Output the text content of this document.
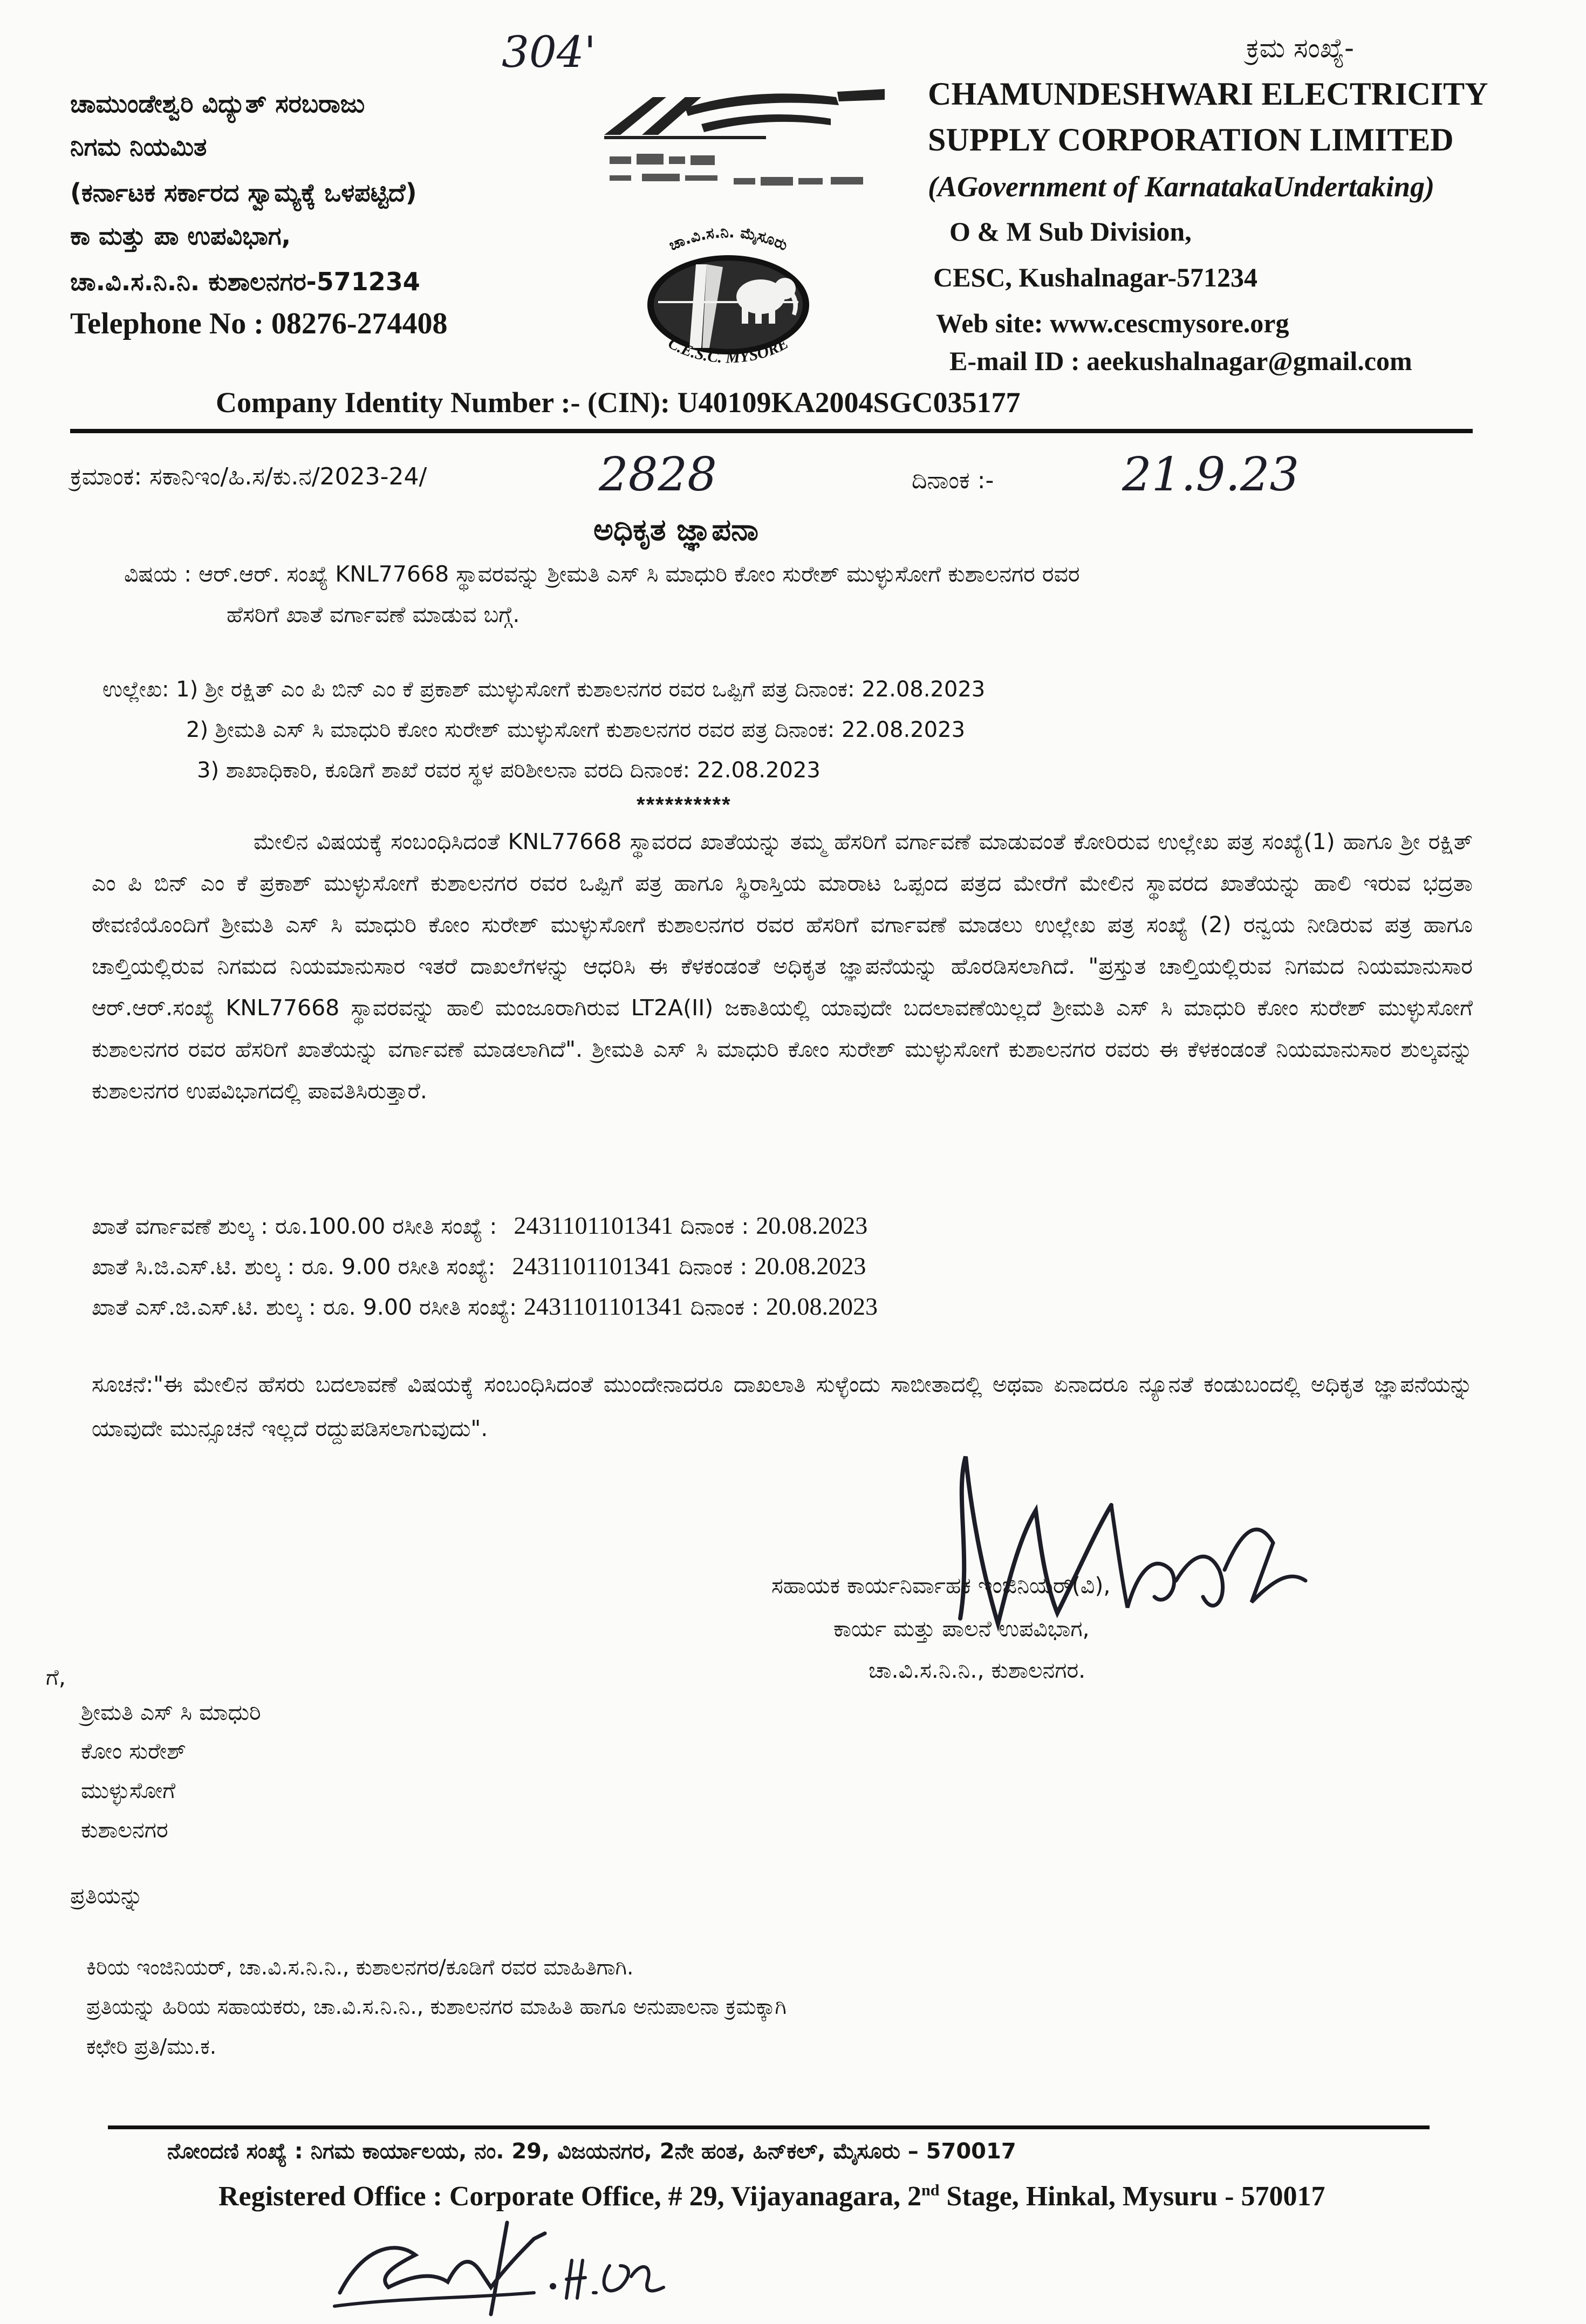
304'	ಕ್ರಮ ಸಂಖ್ಯೆ-
ಚಾಮುಂಡೇಶ್ವರಿ ವಿದ್ಯುತ್ ಸರಬರಾಜು
ನಿಗಮ ನಿಯಮಿತ
(ಕರ್ನಾಟಕ ಸರ್ಕಾರದ ಸ್ವಾಮ್ಯಕ್ಕೆ ಒಳಪಟ್ಟಿದೆ)
ಕಾ ಮತ್ತು ಪಾ ಉಪವಿಭಾಗ,
ಚಾ.ವಿ.ಸ.ನಿ.ನಿ. ಕುಶಾಲನಗರ-571234
Telephone No : 08276-274408
ಚಾ.ವಿ.ಸ.ನಿ. ಮೈಸೂರು
C.E.S.C. MYSORE
CHAMUNDESHWARI ELECTRICITY
SUPPLY CORPORATION LIMITED
(AGovernment of KarnatakaUndertaking)
O & M Sub Division,
CESC, Kushalnagar-571234
Web site: www.cescmysore.org
E-mail ID : aeekushalnagar@gmail.com
Company Identity Number :- (CIN): U40109KA2004SGC035177
ಕ್ರಮಾಂಕ: ಸಕಾನಿಇಂ/ಹಿ.ಸ/ಕು.ನ/2023-24/	2828	ದಿನಾಂಕ :-	21.9.23
ಅಧಿಕೃತ ಜ್ಞಾಪನಾ
ವಿಷಯ : ಆರ್.ಆರ್. ಸಂಖ್ಯೆ KNL77668 ಸ್ಥಾವರವನ್ನು ಶ್ರೀಮತಿ ಎಸ್ ಸಿ ಮಾಧುರಿ ಕೋಂ ಸುರೇಶ್ ಮುಳ್ಳುಸೋಗೆ ಕುಶಾಲನಗರ ರವರ
ಹೆಸರಿಗೆ ಖಾತೆ ವರ್ಗಾವಣೆ ಮಾಡುವ ಬಗ್ಗೆ.
ಉಲ್ಲೇಖ: 1) ಶ್ರೀ ರಕ್ಷಿತ್ ಎಂ ಪಿ ಬಿನ್ ಎಂ ಕೆ ಪ್ರಕಾಶ್ ಮುಳ್ಳುಸೋಗೆ ಕುಶಾಲನಗರ ರವರ ಒಪ್ಪಿಗೆ ಪತ್ರ ದಿನಾಂಕ: 22.08.2023
2) ಶ್ರೀಮತಿ ಎಸ್ ಸಿ ಮಾಧುರಿ ಕೋಂ ಸುರೇಶ್ ಮುಳ್ಳುಸೋಗೆ ಕುಶಾಲನಗರ ರವರ ಪತ್ರ ದಿನಾಂಕ: 22.08.2023
3) ಶಾಖಾಧಿಕಾರಿ, ಕೂಡಿಗೆ ಶಾಖೆ ರವರ ಸ್ಥಳ ಪರಿಶೀಲನಾ ವರದಿ ದಿನಾಂಕ: 22.08.2023
**********
ಮೇಲಿನ ವಿಷಯಕ್ಕೆ ಸಂಬಂಧಿಸಿದಂತೆ KNL77668 ಸ್ಥಾವರದ ಖಾತೆಯನ್ನು ತಮ್ಮ ಹೆಸರಿಗೆ ವರ್ಗಾವಣೆ ಮಾಡುವಂತೆ ಕೋರಿರುವ ಉಲ್ಲೇಖ ಪತ್ರ ಸಂಖ್ಯೆ(1) ಹಾಗೂ ಶ್ರೀ ರಕ್ಷಿತ್ ಎಂ ಪಿ ಬಿನ್ ಎಂ ಕೆ ಪ್ರಕಾಶ್ ಮುಳ್ಳುಸೋಗೆ ಕುಶಾಲನಗರ ರವರ ಒಪ್ಪಿಗೆ ಪತ್ರ ಹಾಗೂ ಸ್ಥಿರಾಸ್ತಿಯ ಮಾರಾಟ ಒಪ್ಪಂದ ಪತ್ರದ ಮೇರೆಗೆ ಮೇಲಿನ ಸ್ಥಾವರದ ಖಾತೆಯನ್ನು ಹಾಲಿ ಇರುವ ಭದ್ರತಾ ಠೇವಣಿಯೊಂದಿಗೆ ಶ್ರೀಮತಿ ಎಸ್ ಸಿ ಮಾಧುರಿ ಕೋಂ ಸುರೇಶ್ ಮುಳ್ಳುಸೋಗೆ ಕುಶಾಲನಗರ ರವರ ಹೆಸರಿಗೆ ವರ್ಗಾವಣೆ ಮಾಡಲು ಉಲ್ಲೇಖ ಪತ್ರ ಸಂಖ್ಯೆ (2) ರನ್ವಯ ನೀಡಿರುವ ಪತ್ರ ಹಾಗೂ ಚಾಲ್ತಿಯಲ್ಲಿರುವ ನಿಗಮದ ನಿಯಮಾನುಸಾರ ಇತರೆ ದಾಖಲೆಗಳನ್ನು ಆಧರಿಸಿ ಈ ಕೆಳಕಂಡಂತೆ ಅಧಿಕೃತ ಜ್ಞಾಪನೆಯನ್ನು ಹೊರಡಿಸಲಾಗಿದೆ. "ಪ್ರಸ್ತುತ ಚಾಲ್ತಿಯಲ್ಲಿರುವ ನಿಗಮದ ನಿಯಮಾನುಸಾರ ಆರ್.ಆರ್.ಸಂಖ್ಯೆ KNL77668 ಸ್ಥಾವರವನ್ನು ಹಾಲಿ ಮಂಜೂರಾಗಿರುವ LT2A(II) ಜಕಾತಿಯಲ್ಲಿ ಯಾವುದೇ ಬದಲಾವಣೆಯಿಲ್ಲದೆ ಶ್ರೀಮತಿ ಎಸ್ ಸಿ ಮಾಧುರಿ ಕೋಂ ಸುರೇಶ್ ಮುಳ್ಳುಸೋಗೆ ಕುಶಾಲನಗರ ರವರ ಹೆಸರಿಗೆ ಖಾತೆಯನ್ನು ವರ್ಗಾವಣೆ ಮಾಡಲಾಗಿದೆ". ಶ್ರೀಮತಿ ಎಸ್ ಸಿ ಮಾಧುರಿ ಕೋಂ ಸುರೇಶ್ ಮುಳ್ಳುಸೋಗೆ ಕುಶಾಲನಗರ ರವರು ಈ ಕೆಳಕಂಡಂತೆ ನಿಯಮಾನುಸಾರ ಶುಲ್ಕವನ್ನು ಕುಶಾಲನಗರ ಉಪವಿಭಾಗದಲ್ಲಿ ಪಾವತಿಸಿರುತ್ತಾರೆ.
ಖಾತೆ ವರ್ಗಾವಣೆ ಶುಲ್ಕ : ರೂ.100.00 ರಸೀತಿ ಸಂಖ್ಯೆ : 2431101101341 ದಿನಾಂಕ : 20.08.2023
ಖಾತೆ ಸಿ.ಜಿ.ಎಸ್.ಟಿ. ಶುಲ್ಕ : ರೂ. 9.00 ರಸೀತಿ ಸಂಖ್ಯೆ: 2431101101341 ದಿನಾಂಕ : 20.08.2023
ಖಾತೆ ಎಸ್.ಜಿ.ಎಸ್.ಟಿ. ಶುಲ್ಕ : ರೂ. 9.00 ರಸೀತಿ ಸಂಖ್ಯೆ: 2431101101341 ದಿನಾಂಕ : 20.08.2023
ಸೂಚನೆ:"ಈ ಮೇಲಿನ ಹೆಸರು ಬದಲಾವಣೆ ವಿಷಯಕ್ಕೆ ಸಂಬಂಧಿಸಿದಂತೆ ಮುಂದೇನಾದರೂ ದಾಖಲಾತಿ ಸುಳ್ಳೆಂದು ಸಾಬೀತಾದಲ್ಲಿ ಅಥವಾ ಏನಾದರೂ ನ್ಯೂನತೆ ಕಂಡುಬಂದಲ್ಲಿ ಅಧಿಕೃತ ಜ್ಞಾಪನೆಯನ್ನು ಯಾವುದೇ ಮುನ್ಸೂಚನೆ ಇಲ್ಲದೆ ರದ್ದುಪಡಿಸಲಾಗುವುದು".
ಸಹಾಯಕ ಕಾರ್ಯನಿರ್ವಾಹಕ ಇಂಜಿನಿಯರ್(ವಿ),
ಕಾರ್ಯ ಮತ್ತು ಪಾಲನೆ ಉಪವಿಭಾಗ,
ಚಾ.ವಿ.ಸ.ನಿ.ನಿ., ಕುಶಾಲನಗರ.
ಗೆ,
ಶ್ರೀಮತಿ ಎಸ್ ಸಿ ಮಾಧುರಿ
ಕೋಂ ಸುರೇಶ್
ಮುಳ್ಳುಸೋಗೆ
ಕುಶಾಲನಗರ
ಪ್ರತಿಯನ್ನು
ಕಿರಿಯ ಇಂಜಿನಿಯರ್, ಚಾ.ವಿ.ಸ.ನಿ.ನಿ., ಕುಶಾಲನಗರ/ಕೂಡಿಗೆ ರವರ ಮಾಹಿತಿಗಾಗಿ.
ಪ್ರತಿಯನ್ನು ಹಿರಿಯ ಸಹಾಯಕರು, ಚಾ.ವಿ.ಸ.ನಿ.ನಿ., ಕುಶಾಲನಗರ ಮಾಹಿತಿ ಹಾಗೂ ಅನುಪಾಲನಾ ಕ್ರಮಕ್ಕಾಗಿ
ಕಛೇರಿ ಪ್ರತಿ/ಮು.ಕ.
ನೋಂದಣಿ ಸಂಖ್ಯೆ : ನಿಗಮ ಕಾರ್ಯಾಲಯ, ನಂ. 29, ವಿಜಯನಗರ, 2ನೇ ಹಂತ, ಹಿನ್‌ಕಲ್, ಮೈಸೂರು – 570017
Registered Office : Corporate Office, # 29, Vijayanagara, 2nd Stage, Hinkal, Mysuru - 570017
